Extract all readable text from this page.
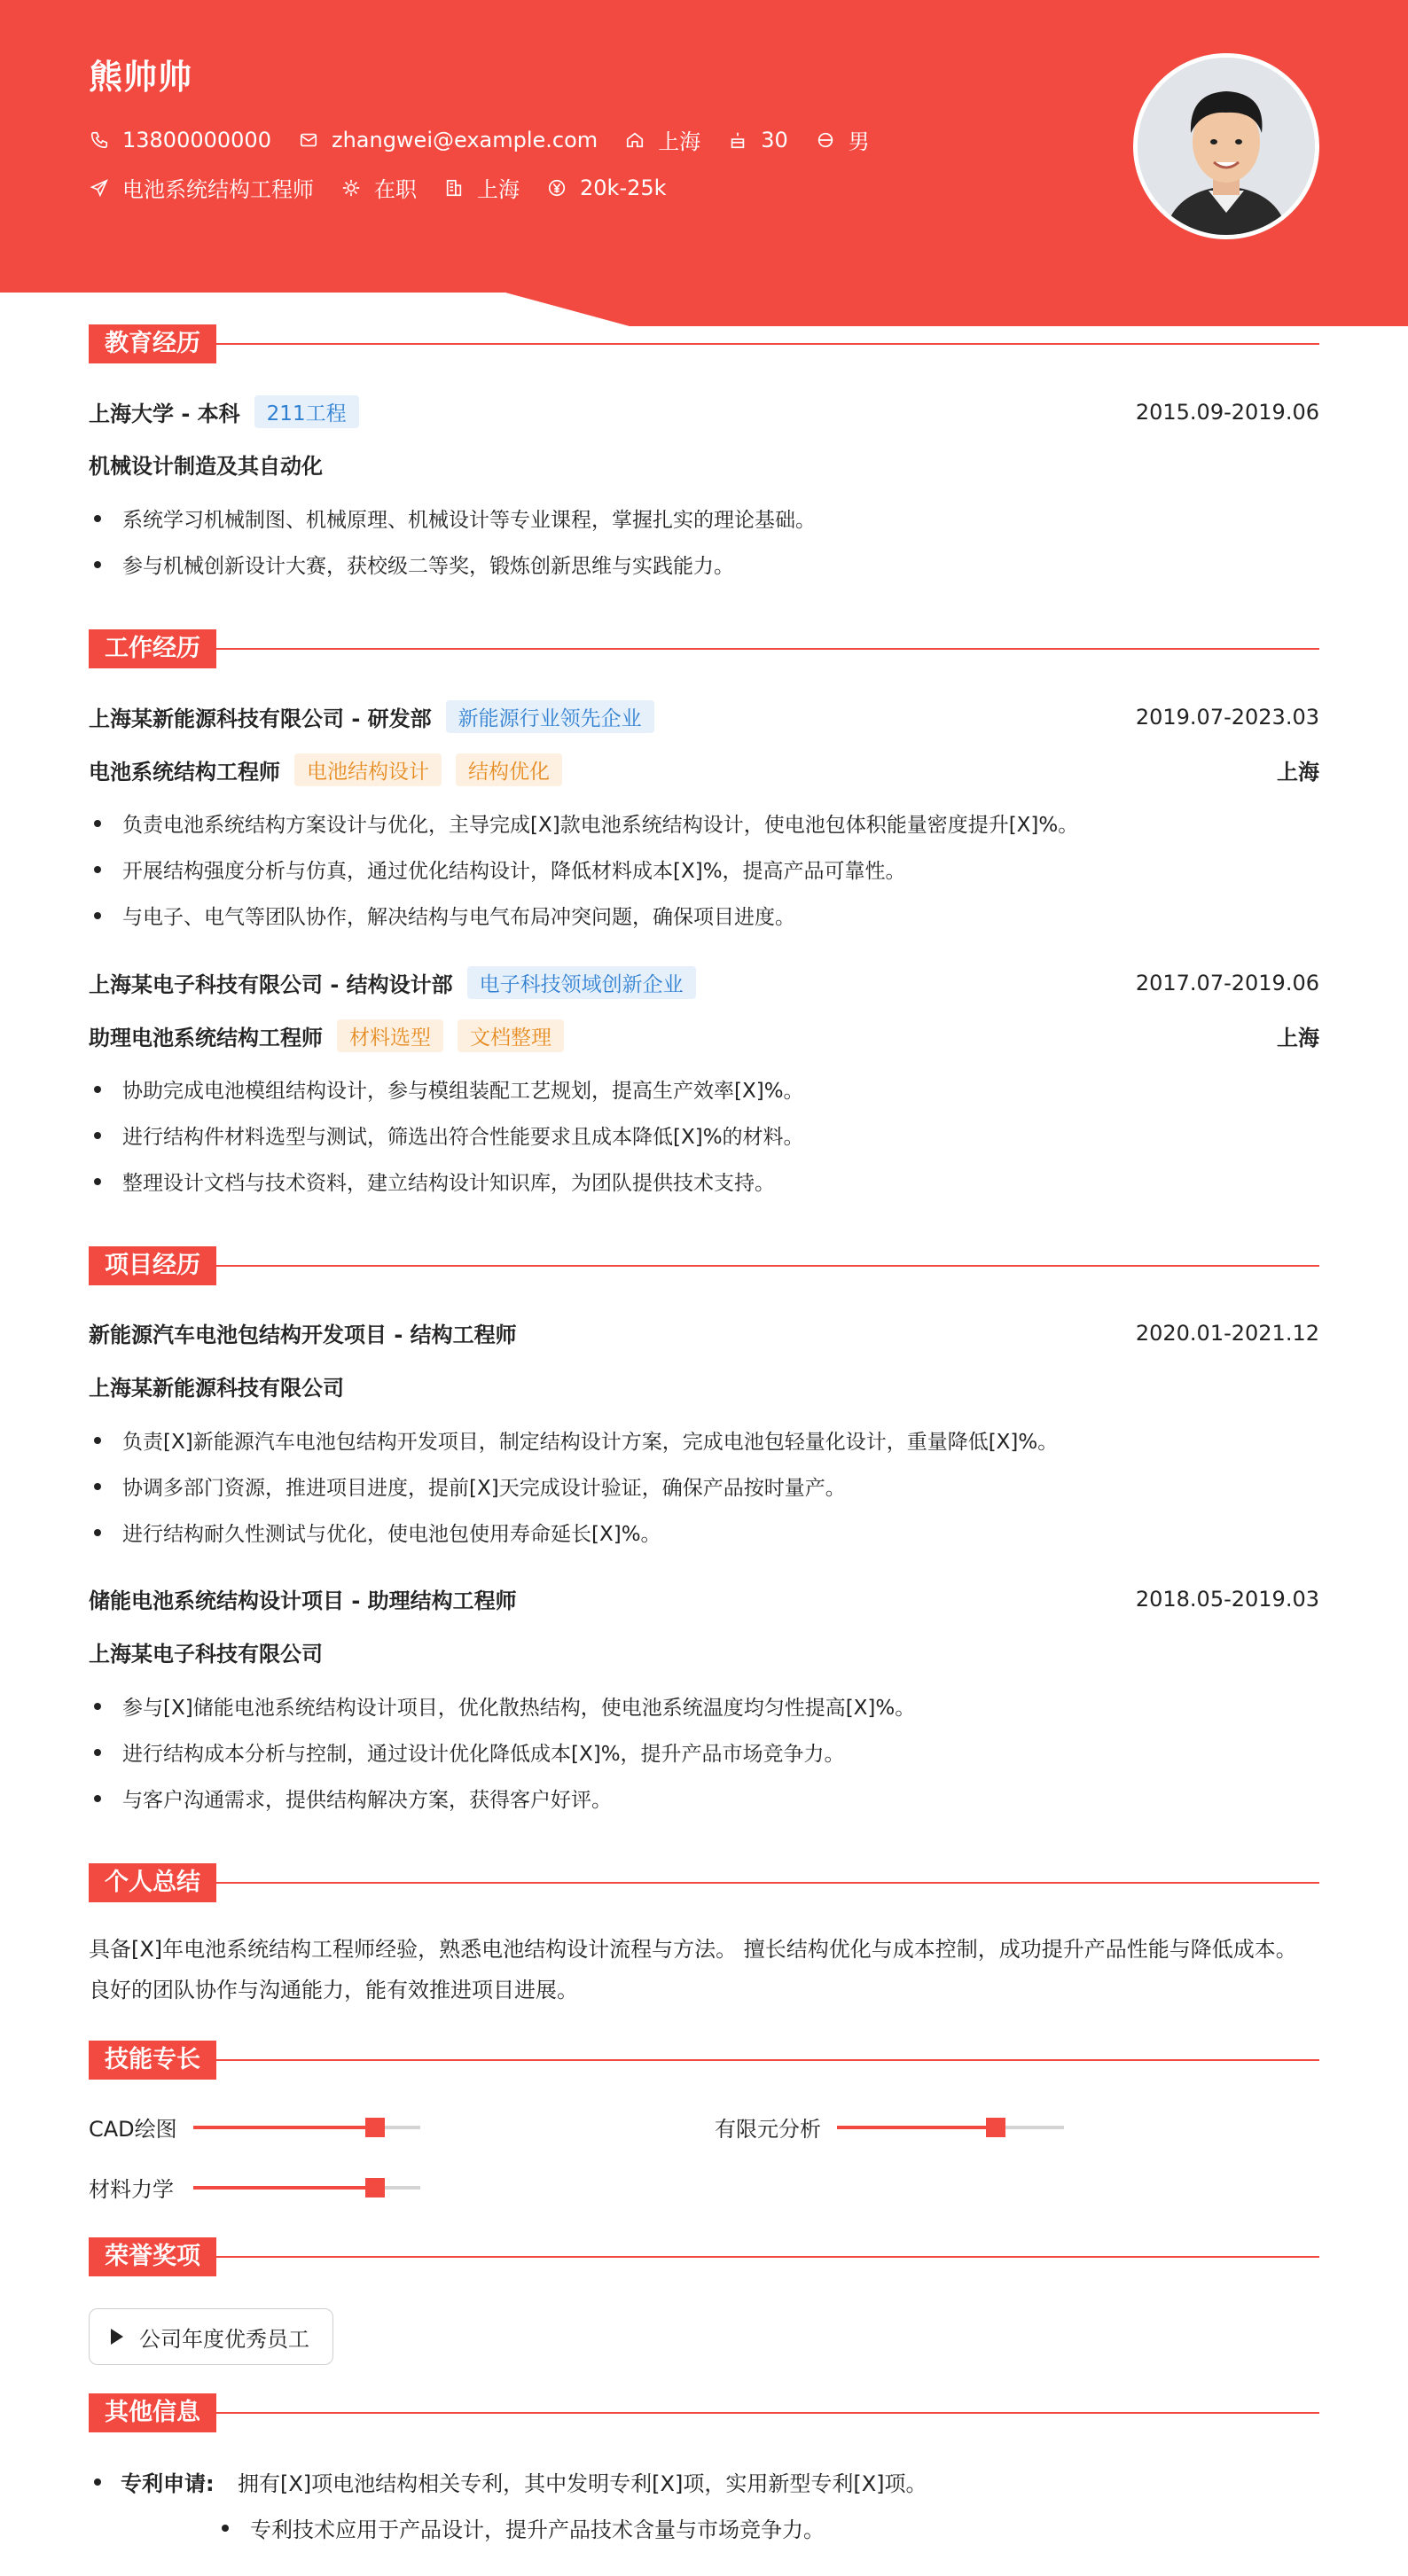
熊帅帅
13800000000	zhangwei@example.com	上海	30	男
电池系统结构工程师	在职	上海	20k-25k
教育经历
上海大学 - 本科	211工程	2015.09-2019.06
机械设计制造及其自动化
系统学习机械制图、机械原理、机械设计等专业课程，掌握扎实的理论基础。
参与机械创新设计大赛，获校级二等奖，锻炼创新思维与实践能力。
工作经历
上海某新能源科技有限公司 - 研发部	新能源行业领先企业	2019.07-2023.03
电池系统结构工程师	电池结构设计	结构优化	上海
负责电池系统结构方案设计与优化，主导完成[X]款电池系统结构设计，使电池包体积能量密度提升[X]%。
开展结构强度分析与仿真，通过优化结构设计，降低材料成本[X]%，提高产品可靠性。
与电子、电气等团队协作，解决结构与电气布局冲突问题，确保项目进度。
上海某电子科技有限公司 - 结构设计部	电子科技领域创新企业	2017.07-2019.06
助理电池系统结构工程师	材料选型	文档整理	上海
协助完成电池模组结构设计，参与模组装配工艺规划，提高生产效率[X]%。
进行结构件材料选型与测试，筛选出符合性能要求且成本降低[X]%的材料。
整理设计文档与技术资料，建立结构设计知识库，为团队提供技术支持。
项目经历
新能源汽车电池包结构开发项目 - 结构工程师	2020.01-2021.12
上海某新能源科技有限公司
负责[X]新能源汽车电池包结构开发项目，制定结构设计方案，完成电池包轻量化设计，重量降低[X]%。
协调多部门资源，推进项目进度，提前[X]天完成设计验证，确保产品按时量产。
进行结构耐久性测试与优化，使电池包使用寿命延长[X]%。
储能电池系统结构设计项目 - 助理结构工程师	2018.05-2019.03
上海某电子科技有限公司
参与[X]储能电池系统结构设计项目，优化散热结构，使电池系统温度均匀性提高[X]%。
进行结构成本分析与控制，通过设计优化降低成本[X]%，提升产品市场竞争力。
与客户沟通需求，提供结构解决方案，获得客户好评。
个人总结
具备[X]年电池系统结构工程师经验，熟悉电池结构设计流程与方法。 擅长结构优化与成本控制，成功提升产品性能与降低成本。
良好的团队协作与沟通能力，能有效推进项目进展。
技能专长
CAD绘图	有限元分析
材料力学
荣誉奖项
公司年度优秀员工
其他信息
专利申请:	拥有[X]项电池结构相关专利，其中发明专利[X]项，实用新型专利[X]项。
专利技术应用于产品设计，提升产品技术含量与市场竞争力。
